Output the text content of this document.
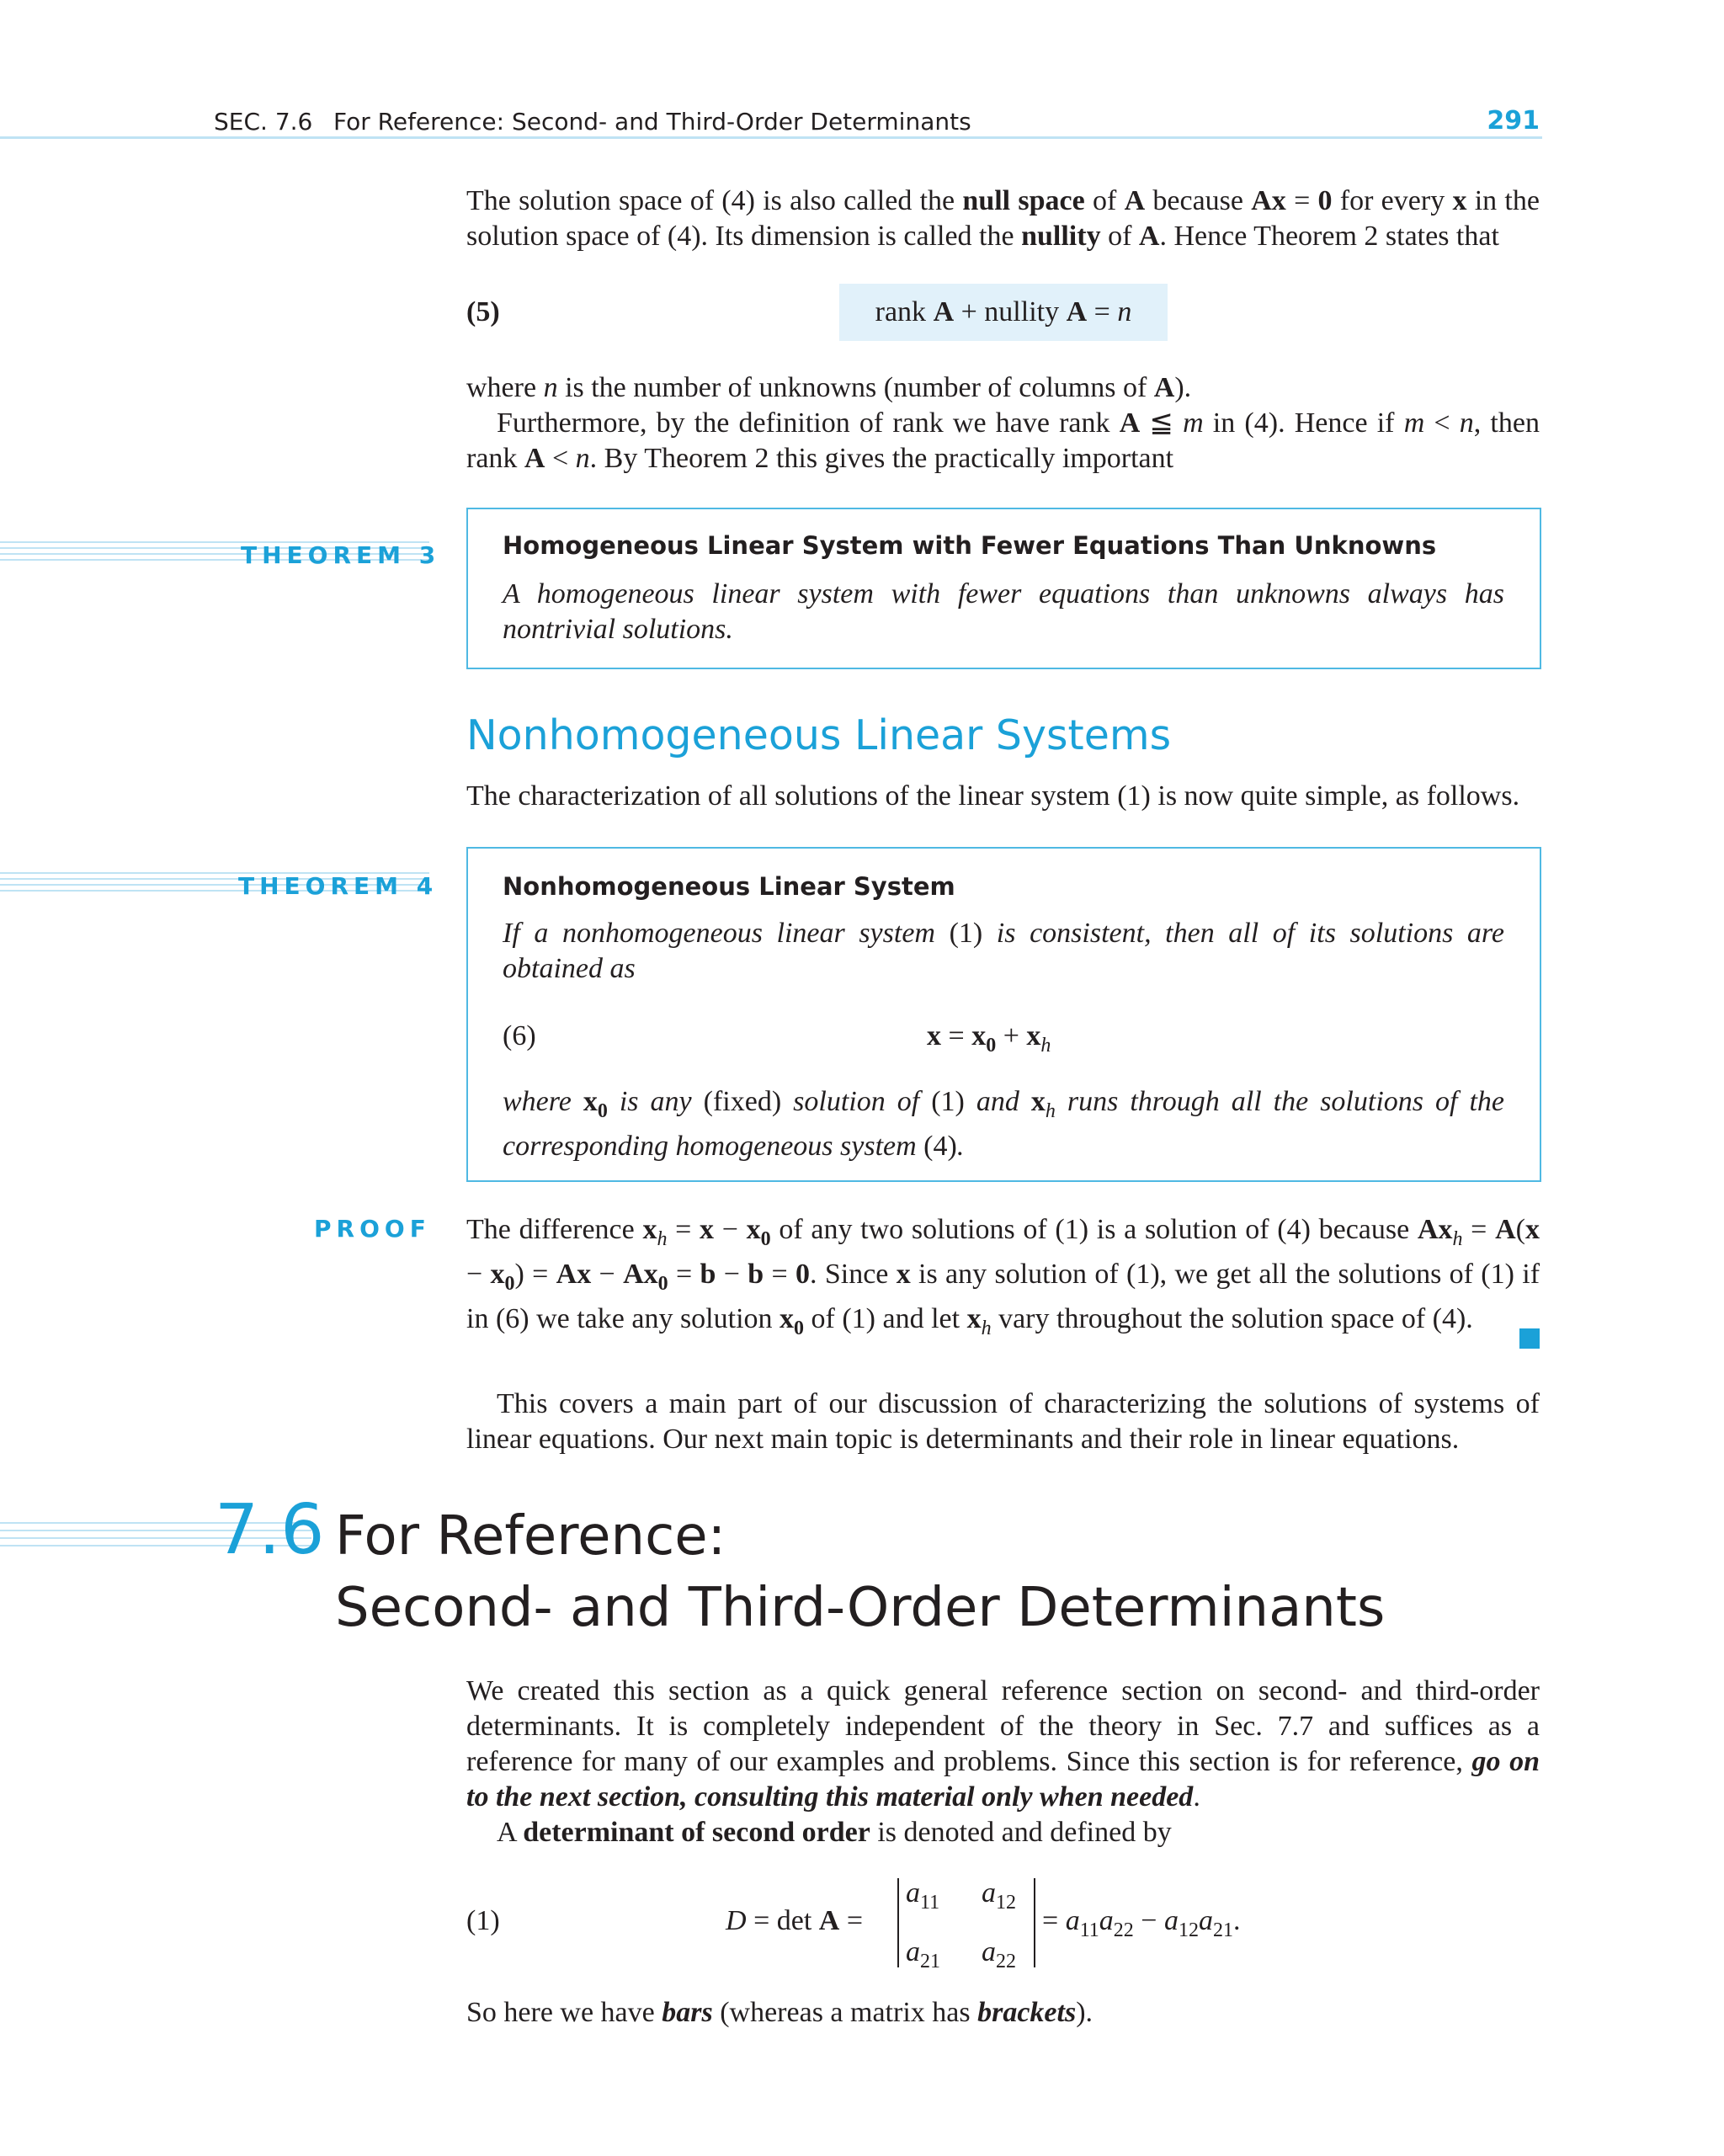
SEC. 7.6 For Reference: Second- and Third-Order Determinants	291

The solution space of (4) is also called the null space of A because Ax = 0 for every x in the solution space of (4). Its dimension is called the nullity of A. Hence Theorem 2 states that

(5)	rank A + nullity A = n

where n is the number of unknowns (number of columns of A).

Furthermore, by the definition of rank we have rank A ≦ m in (4). Hence if m < n, then rank A < n. By Theorem 2 this gives the practically important

THEOREM 3	Homogeneous Linear System with Fewer Equations Than Unknowns
A homogeneous linear system with fewer equations than unknowns always has nontrivial solutions.
Nonhomogeneous Linear Systems

The characterization of all solutions of the linear system (1) is now quite simple, as follows.

THEOREM 4	Nonhomogeneous Linear System
If a nonhomogeneous linear system (1) is consistent, then all of its solutions are obtained as
(6)	$x = x_0 + x_h$
where $x_0$ is any (fixed) solution of (1) and $x_h$ runs through all the solutions of the corresponding homogeneous system (4).
PROOF The difference $x_h = x - x_0$ of any two solutions of (1) is a solution of (4) because $Ax_h = A(x - x_0) = Ax - Ax_0 = b - b = 0$. Since x is any solution of (1), we get all the solutions of (1) if in (6) we take any solution $x_0$ of (1) and let $x_h$ vary throughout the solution space of (4).

This covers a main part of our discussion of characterizing the solutions of systems of linear equations. Our next main topic is determinants and their role in linear equations.

7.6 For Reference:
Second- and Third-Order Determinants

We created this section as a quick general reference section on second- and third-order determinants. It is completely independent of the theory in Sec. 7.7 and suffices as a reference for many of our examples and problems. Since this section is for reference, go on to the next section, consulting this material only when needed.

A determinant of second order is denoted and defined by

(1)	D = det A =
$a_{11}$ $a_{12}$
$a_{21}$ $a_{22}$
= $a_{11}a_{22} - a_{12}a_{21}$.

So here we have bars (whereas a matrix has brackets).
